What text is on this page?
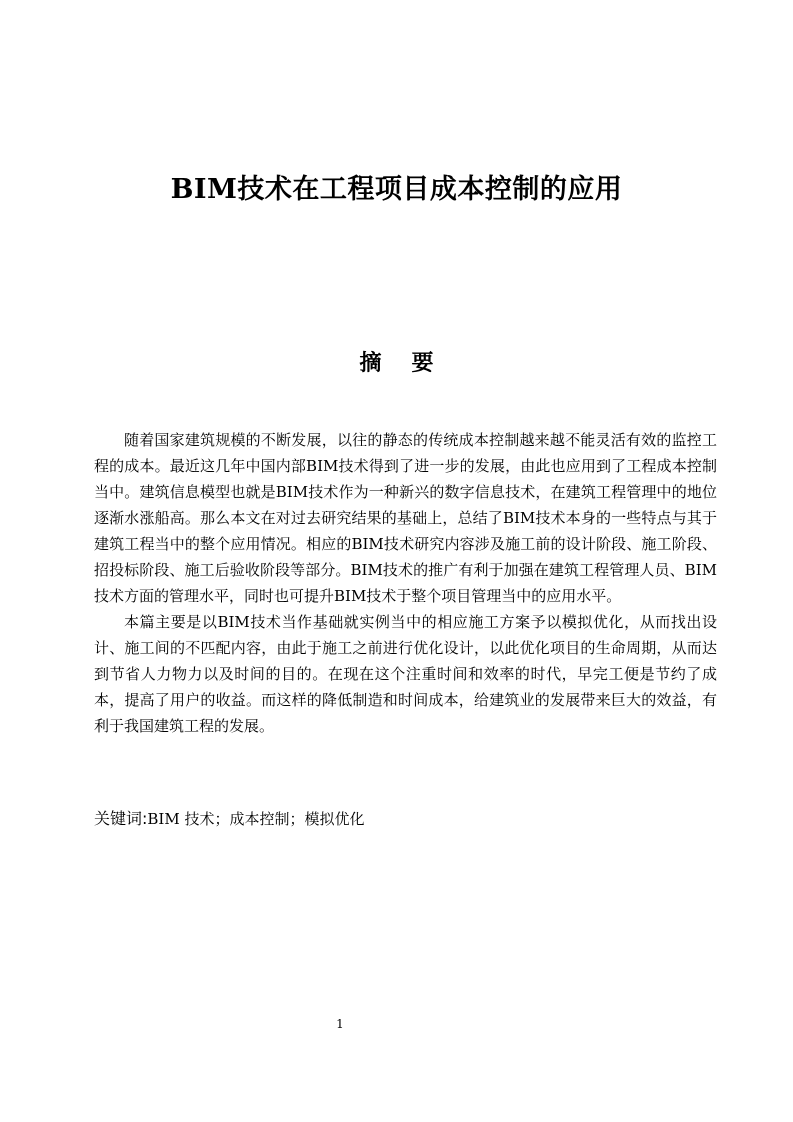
BIM技术在工程项目成本控制的应用
摘 要

随着国家建筑规模的不断发展，以往的静态的传统成本控制越来越不能灵活有效的监控工程的成本。最近这几年中国内部BIM技术得到了进一步的发展，由此也应用到了工程成本控制当中。建筑信息模型也就是BIM技术作为一种新兴的数字信息技术，在建筑工程管理中的地位逐渐水涨船高。那么本文在对过去研究结果的基础上，总结了BIM技术本身的一些特点与其于建筑工程当中的整个应用情况。相应的BIM技术研究内容涉及施工前的设计阶段、施工阶段、招投标阶段、施工后验收阶段等部分。BIM技术的推广有利于加强在建筑工程管理人员、BIM技术方面的管理水平，同时也可提升BIM技术于整个项目管理当中的应用水平。

本篇主要是以BIM技术当作基础就实例当中的相应施工方案予以模拟优化，从而找出设计、施工间的不匹配内容，由此于施工之前进行优化设计，以此优化项目的生命周期，从而达到节省人力物力以及时间的目的。在现在这个注重时间和效率的时代，早完工便是节约了成本，提高了用户的收益。而这样的降低制造和时间成本，给建筑业的发展带来巨大的效益，有利于我国建筑工程的发展。

关键词:BIM 技术；成本控制；模拟优化
1
